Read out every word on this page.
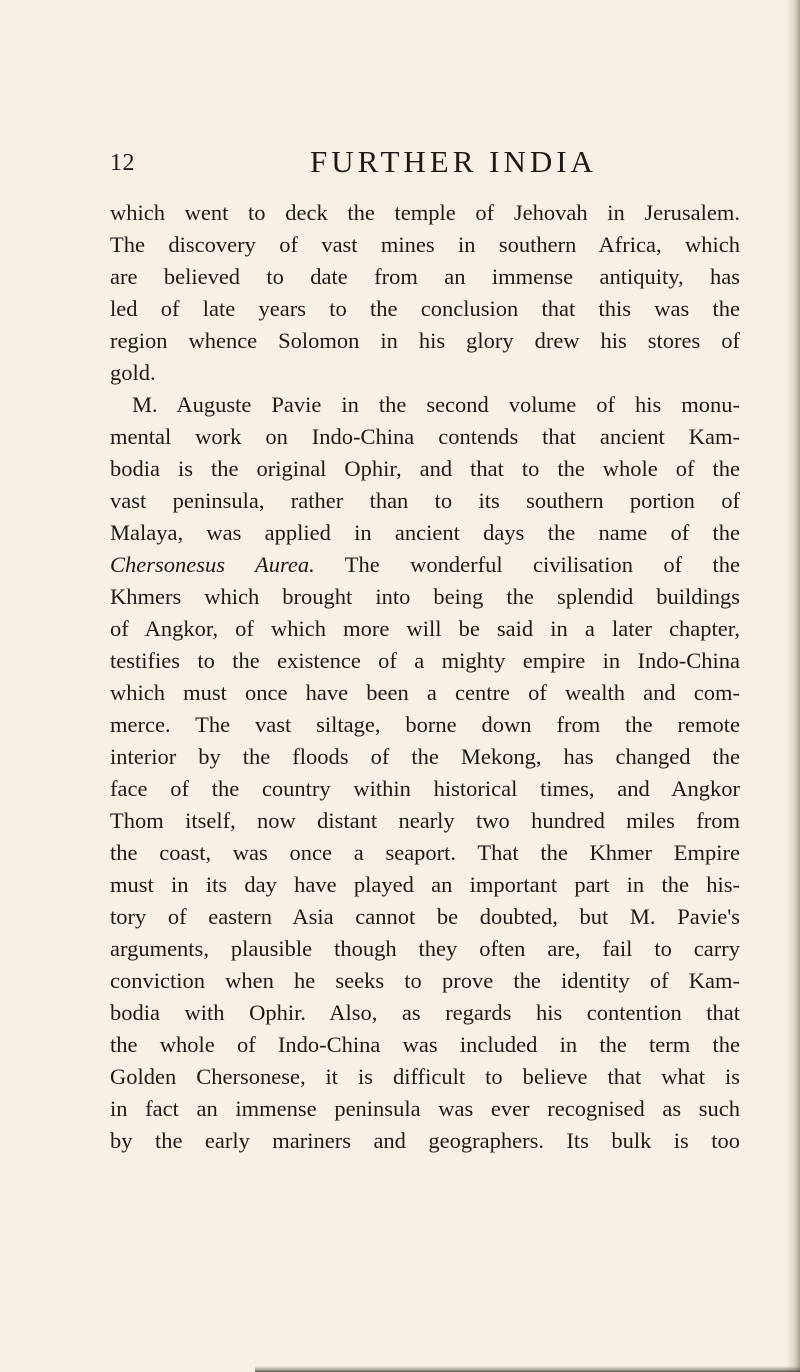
12	FURTHER INDIA
which went to deck the temple of Jehovah in Jerusalem.
The discovery of vast mines in southern Africa, which
are believed to date from an immense antiquity, has
led of late years to the conclusion that this was the
region whence Solomon in his glory drew his stores of
gold.
M. Auguste Pavie in the second volume of his monu-
mental work on Indo-China contends that ancient Kam-
bodia is the original Ophir, and that to the whole of the
vast peninsula, rather than to its southern portion of
Malaya, was applied in ancient days the name of the
Chersonesus Aurea. The wonderful civilisation of the
Khmers which brought into being the splendid buildings
of Angkor, of which more will be said in a later chapter,
testifies to the existence of a mighty empire in Indo-China
which must once have been a centre of wealth and com-
merce. The vast siltage, borne down from the remote
interior by the floods of the Mekong, has changed the
face of the country within historical times, and Angkor
Thom itself, now distant nearly two hundred miles from
the coast, was once a seaport. That the Khmer Empire
must in its day have played an important part in the his-
tory of eastern Asia cannot be doubted, but M. Pavie's
arguments, plausible though they often are, fail to carry
conviction when he seeks to prove the identity of Kam-
bodia with Ophir. Also, as regards his contention that
the whole of Indo-China was included in the term the
Golden Chersonese, it is difficult to believe that what is
in fact an immense peninsula was ever recognised as such
by the early mariners and geographers. Its bulk is too
